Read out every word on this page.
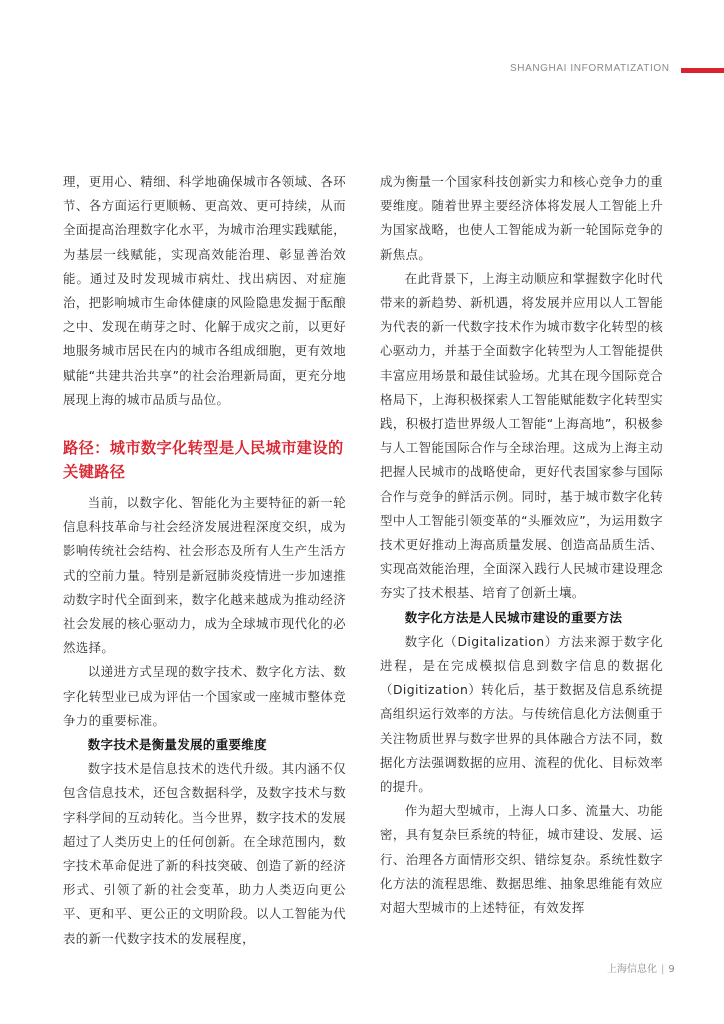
SHANGHAI INFORMATIZATION

理，更用心、精细、科学地确保城市各领域、各环节、各方面运行更顺畅、更高效、更可持续，从而全面提高治理数字化水平，为城市治理实践赋能，为基层一线赋能，实现高效能治理、彰显善治效能。通过及时发现城市病灶、找出病因、对症施治，把影响城市生命体健康的风险隐患发掘于酝酿之中、发现在萌芽之时、化解于成灾之前，以更好地服务城市居民在内的城市各组成细胞，更有效地赋能“共建共治共享”的社会治理新局面，更充分地展现上海的城市品质与品位。

路径：城市数字化转型是人民城市建设的关键路径

当前，以数字化、智能化为主要特征的新一轮信息科技革命与社会经济发展进程深度交织，成为影响传统社会结构、社会形态及所有人生产生活方式的空前力量。特别是新冠肺炎疫情进一步加速推动数字时代全面到来，数字化越来越成为推动经济社会发展的核心驱动力，成为全球城市现代化的必然选择。

以递进方式呈现的数字技术、数字化方法、数字化转型业已成为评估一个国家或一座城市整体竞争力的重要标准。

数字技术是衡量发展的重要维度

数字技术是信息技术的迭代升级。其内涵不仅包含信息技术，还包含数据科学，及数字技术与数字科学间的互动转化。当今世界，数字技术的发展超过了人类历史上的任何创新。在全球范围内，数字技术革命促进了新的科技突破、创造了新的经济形式、引领了新的社会变革，助力人类迈向更公平、更和平、更公正的文明阶段。以人工智能为代表的新一代数字技术的发展程度，

成为衡量一个国家科技创新实力和核心竞争力的重要维度。随着世界主要经济体将发展人工智能上升为国家战略，也使人工智能成为新一轮国际竞争的新焦点。

在此背景下，上海主动顺应和掌握数字化时代带来的新趋势、新机遇，将发展并应用以人工智能为代表的新一代数字技术作为城市数字化转型的核心驱动力，并基于全面数字化转型为人工智能提供丰富应用场景和最佳试验场。尤其在现今国际竞合格局下，上海积极探索人工智能赋能数字化转型实践，积极打造世界级人工智能“上海高地”，积极参与人工智能国际合作与全球治理。这成为上海主动把握人民城市的战略使命，更好代表国家参与国际合作与竞争的鲜活示例。同时，基于城市数字化转型中人工智能引领变革的“头雁效应”，为运用数字技术更好推动上海高质量发展、创造高品质生活、实现高效能治理，全面深入践行人民城市建设理念夯实了技术根基、培育了创新土壤。

数字化方法是人民城市建设的重要方法

数字化（Digitalization）方法来源于数字化进程，是在完成模拟信息到数字信息的数据化（Digitization）转化后，基于数据及信息系统提高组织运行效率的方法。与传统信息化方法侧重于关注物质世界与数字世界的具体融合方法不同，数据化方法强调数据的应用、流程的优化、目标效率的提升。

作为超大型城市，上海人口多、流量大、功能密，具有复杂巨系统的特征，城市建设、发展、运行、治理各方面情形交织、错综复杂。系统性数字化方法的流程思维、数据思维、抽象思维能有效应对超大型城市的上述特征，有效发挥

上海信息化 | 9
